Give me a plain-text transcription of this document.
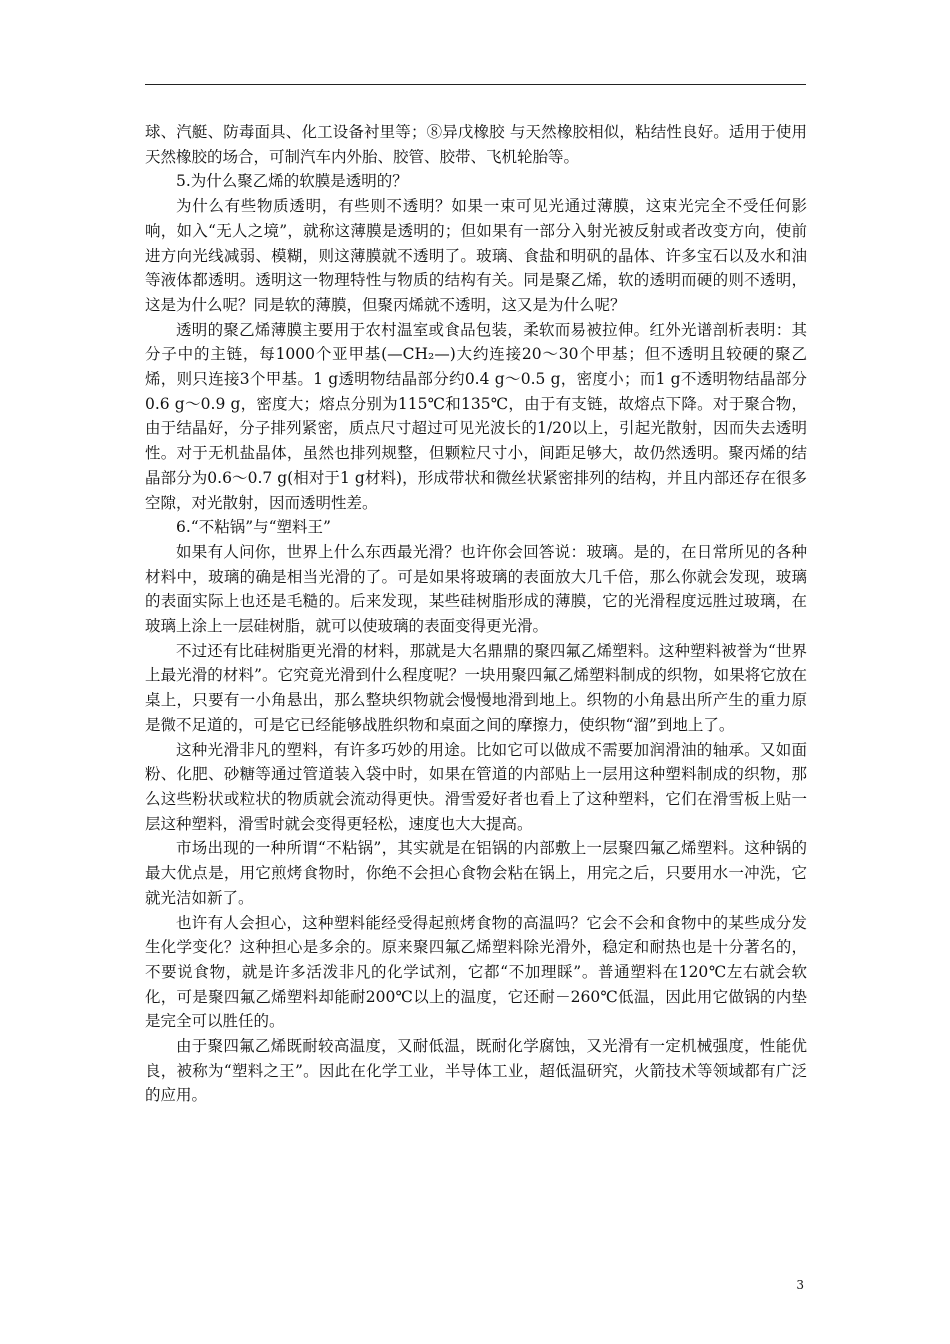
球、汽艇、防毒面具、化工设备衬里等；⑧异戊橡胶 与天然橡胶相似，粘结性良好。适用于使用天然橡胶的场合，可制汽车内外胎、胶管、胶带、飞机轮胎等。

5.为什么聚乙烯的软膜是透明的？

为什么有些物质透明，有些则不透明？如果一束可见光通过薄膜，这束光完全不受任何影响，如入“无人之境”，就称这薄膜是透明的；但如果有一部分入射光被反射或者改变方向，使前进方向光线减弱、模糊，则这薄膜就不透明了。玻璃、食盐和明矾的晶体、许多宝石以及水和油等液体都透明。透明这一物理特性与物质的结构有关。同是聚乙烯，软的透明而硬的则不透明，这是为什么呢？同是软的薄膜，但聚丙烯就不透明，这又是为什么呢？

透明的聚乙烯薄膜主要用于农村温室或食品包装，柔软而易被拉伸。红外光谱剖析表明：其分子中的主链，每1000个亚甲基(—CH₂—)大约连接20～30个甲基；但不透明且较硬的聚乙烯，则只连接3个甲基。1 g透明物结晶部分约0.4 g～0.5 g，密度小；而1 g不透明物结晶部分0.6 g～0.9 g，密度大；熔点分别为115℃和135℃，由于有支链，故熔点下降。对于聚合物，由于结晶好，分子排列紧密，质点尺寸超过可见光波长的1/20以上，引起光散射，因而失去透明性。对于无机盐晶体，虽然也排列规整，但颗粒尺寸小，间距足够大，故仍然透明。聚丙烯的结晶部分为0.6～0.7 g(相对于1 g材料)，形成带状和微丝状紧密排列的结构，并且内部还存在很多空隙，对光散射，因而透明性差。

6.“不粘锅”与“塑料王”

如果有人问你，世界上什么东西最光滑？也许你会回答说：玻璃。是的，在日常所见的各种材料中，玻璃的确是相当光滑的了。可是如果将玻璃的表面放大几千倍，那么你就会发现，玻璃的表面实际上也还是毛糙的。后来发现，某些硅树脂形成的薄膜，它的光滑程度远胜过玻璃，在玻璃上涂上一层硅树脂，就可以使玻璃的表面变得更光滑。

不过还有比硅树脂更光滑的材料，那就是大名鼎鼎的聚四氟乙烯塑料。这种塑料被誉为“世界上最光滑的材料”。它究竟光滑到什么程度呢？一块用聚四氟乙烯塑料制成的织物，如果将它放在桌上，只要有一小角悬出，那么整块织物就会慢慢地滑到地上。织物的小角悬出所产生的重力原是微不足道的，可是它已经能够战胜织物和桌面之间的摩擦力，使织物“溜”到地上了。

这种光滑非凡的塑料，有许多巧妙的用途。比如它可以做成不需要加润滑油的轴承。又如面粉、化肥、砂糖等通过管道装入袋中时，如果在管道的内部贴上一层用这种塑料制成的织物，那么这些粉状或粒状的物质就会流动得更快。滑雪爱好者也看上了这种塑料，它们在滑雪板上贴一层这种塑料，滑雪时就会变得更轻松，速度也大大提高。

市场出现的一种所谓“不粘锅”，其实就是在铝锅的内部敷上一层聚四氟乙烯塑料。这种锅的最大优点是，用它煎烤食物时，你绝不会担心食物会粘在锅上，用完之后，只要用水一冲洗，它就光洁如新了。

也许有人会担心，这种塑料能经受得起煎烤食物的高温吗？它会不会和食物中的某些成分发生化学变化？这种担心是多余的。原来聚四氟乙烯塑料除光滑外，稳定和耐热也是十分著名的，不要说食物，就是许多活泼非凡的化学试剂，它都“不加理睬”。普通塑料在120℃左右就会软化，可是聚四氟乙烯塑料却能耐200℃以上的温度，它还耐－260℃低温，因此用它做锅的内垫是完全可以胜任的。

由于聚四氟乙烯既耐较高温度，又耐低温，既耐化学腐蚀，又光滑有一定机械强度，性能优良，被称为“塑料之王”。因此在化学工业，半导体工业，超低温研究，火箭技术等领域都有广泛的应用。

3
